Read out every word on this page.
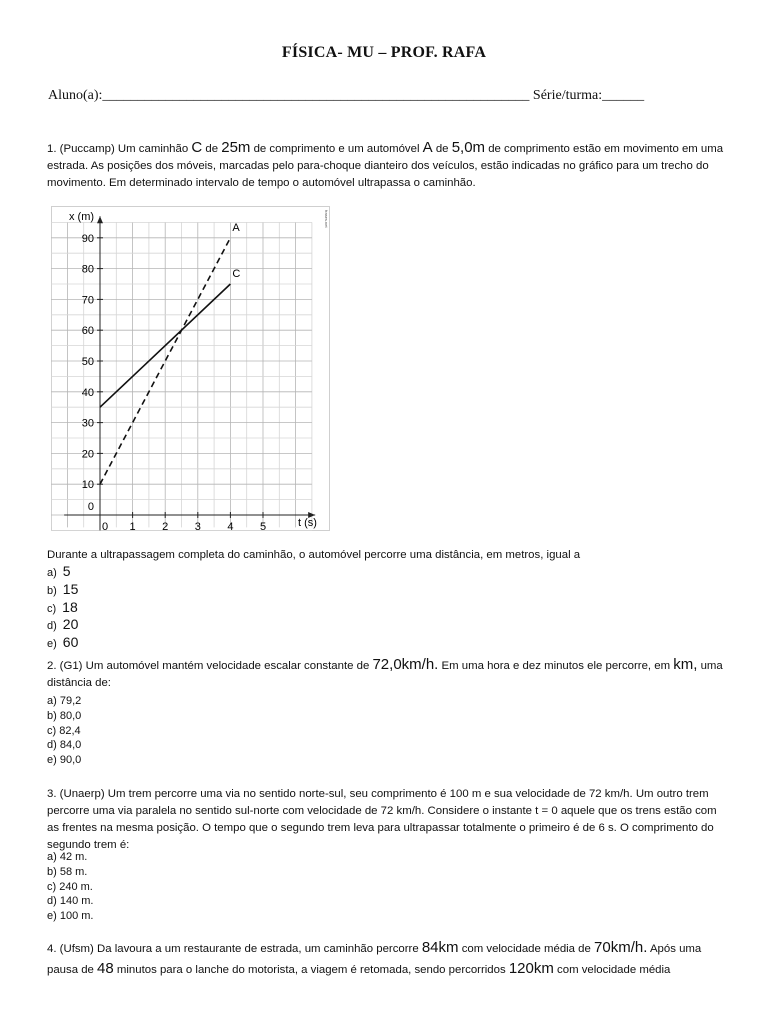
FÍSICA- MU – PROF. RAFA
Aluno(a):_____________________________________________________________ Série/turma:______
1. (Puccamp) Um caminhão C de 25m de comprimento e um automóvel A de 5,0m de comprimento estão em movimento em uma estrada. As posições dos móveis, marcadas pelo para-choque dianteiro dos veículos, estão indicadas no gráfico para um trecho do movimento. Em determinado intervalo de tempo o automóvel ultrapassa o caminhão.
0
10
20
30
40
50
60
70
80
90
0 1 2 3 4 5
A
C
x (m)
t (s)
frases.net
Durante a ultrapassagem completa do caminhão, o automóvel percorre uma distância, em metros, igual a
a) 5
b) 15
c) 18
d) 20
e) 60
2. (G1) Um automóvel mantém velocidade escalar constante de 72,0km/h. Em uma hora e dez minutos ele percorre, em km, uma distância de:
a) 79,2
b) 80,0
c) 82,4
d) 84,0
e) 90,0
3. (Unaerp) Um trem percorre uma via no sentido norte-sul, seu comprimento é 100 m e sua velocidade de 72 km/h. Um outro trem percorre uma via paralela no sentido sul-norte com velocidade de 72 km/h. Considere o instante t = 0 aquele que os trens estão com as frentes na mesma posição. O tempo que o segundo trem leva para ultrapassar totalmente o primeiro é de 6 s. O comprimento do segundo trem é:
a) 42 m.
b) 58 m.
c) 240 m.
d) 140 m.
e) 100 m.
4. (Ufsm) Da lavoura a um restaurante de estrada, um caminhão percorre 84km com velocidade média de 70km/h. Após uma pausa de 48 minutos para o lanche do motorista, a viagem é retomada, sendo percorridos 120km com velocidade média
